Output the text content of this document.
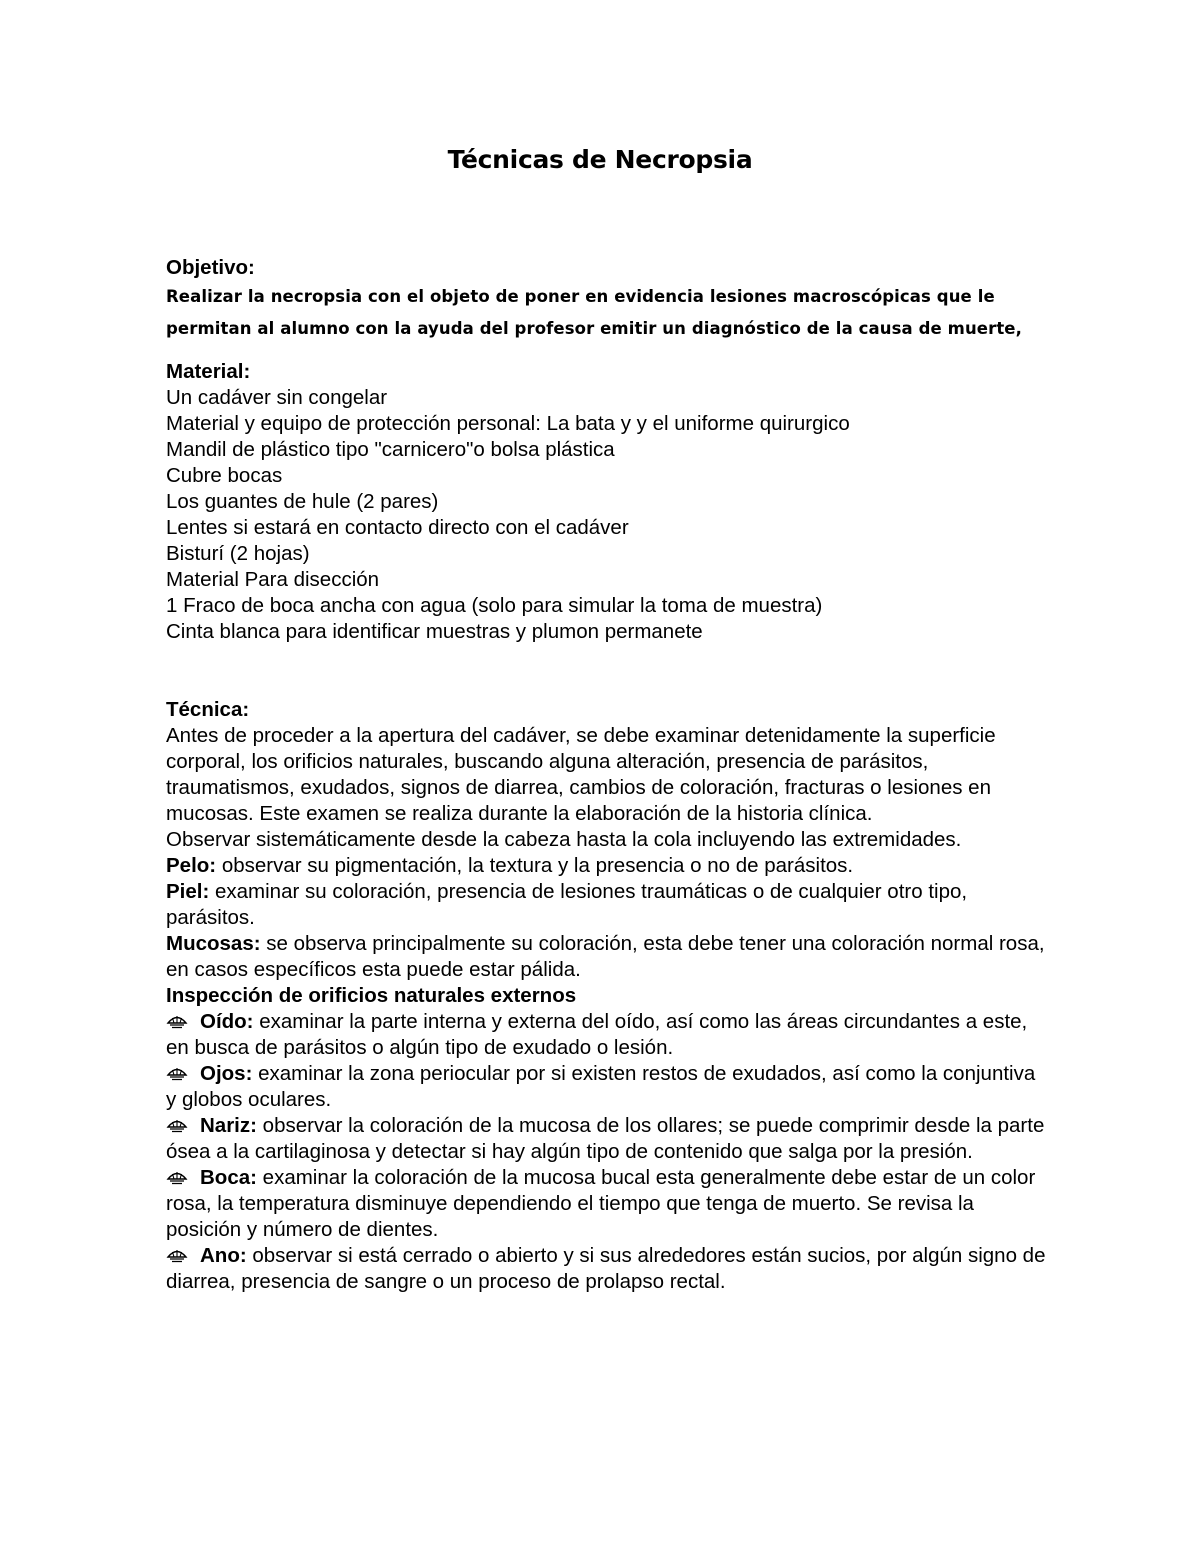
Técnicas de Necropsia

Objetivo:

Realizar la necropsia con el objeto de poner en evidencia lesiones macroscópicas que le

permitan al alumno con la ayuda del profesor emitir un diagnóstico de la causa de muerte,

Material:

Un cadáver sin congelar

Material y equipo de protección personal: La bata y y el uniforme quirurgico

Mandil de plástico tipo "carnicero"o bolsa plástica

Cubre bocas

Los guantes de hule (2 pares)

Lentes si estará en contacto directo con el cadáver

Bisturí (2 hojas)

Material Para disección

1 Fraco de boca ancha con agua (solo para simular la toma de muestra)

Cinta blanca para identificar muestras y plumon permanete

Técnica:

Antes de proceder a la apertura del cadáver, se debe examinar detenidamente la superficie corporal, los orificios naturales, buscando alguna alteración, presencia de parásitos, traumatismos, exudados, signos de diarrea, cambios de coloración, fracturas o lesiones en mucosas. Este examen se realiza durante la elaboración de la historia clínica.

Observar sistemáticamente desde la cabeza hasta la cola incluyendo las extremidades.

Pelo: observar su pigmentación, la textura y la presencia o no de parásitos.

Piel: examinar su coloración, presencia de lesiones traumáticas o de cualquier otro tipo, parásitos.

Mucosas: se observa principalmente su coloración, esta debe tener una coloración normal rosa, en casos específicos esta puede estar pálida.

Inspección de orificios naturales externos

Oído: examinar la parte interna y externa del oído, así como las áreas circundantes a este, en busca de parásitos o algún tipo de exudado o lesión.

Ojos: examinar la zona periocular por si existen restos de exudados, así como la conjuntiva y globos oculares.

Nariz: observar la coloración de la mucosa de los ollares; se puede comprimir desde la parte ósea a la cartilaginosa y detectar si hay algún tipo de contenido que salga por la presión.

Boca: examinar la coloración de la mucosa bucal esta generalmente debe estar de un color rosa, la temperatura disminuye dependiendo el tiempo que tenga de muerto. Se revisa la posición y número de dientes.

Ano: observar si está cerrado o abierto y si sus alrededores están sucios, por algún signo de diarrea, presencia de sangre o un proceso de prolapso rectal.
